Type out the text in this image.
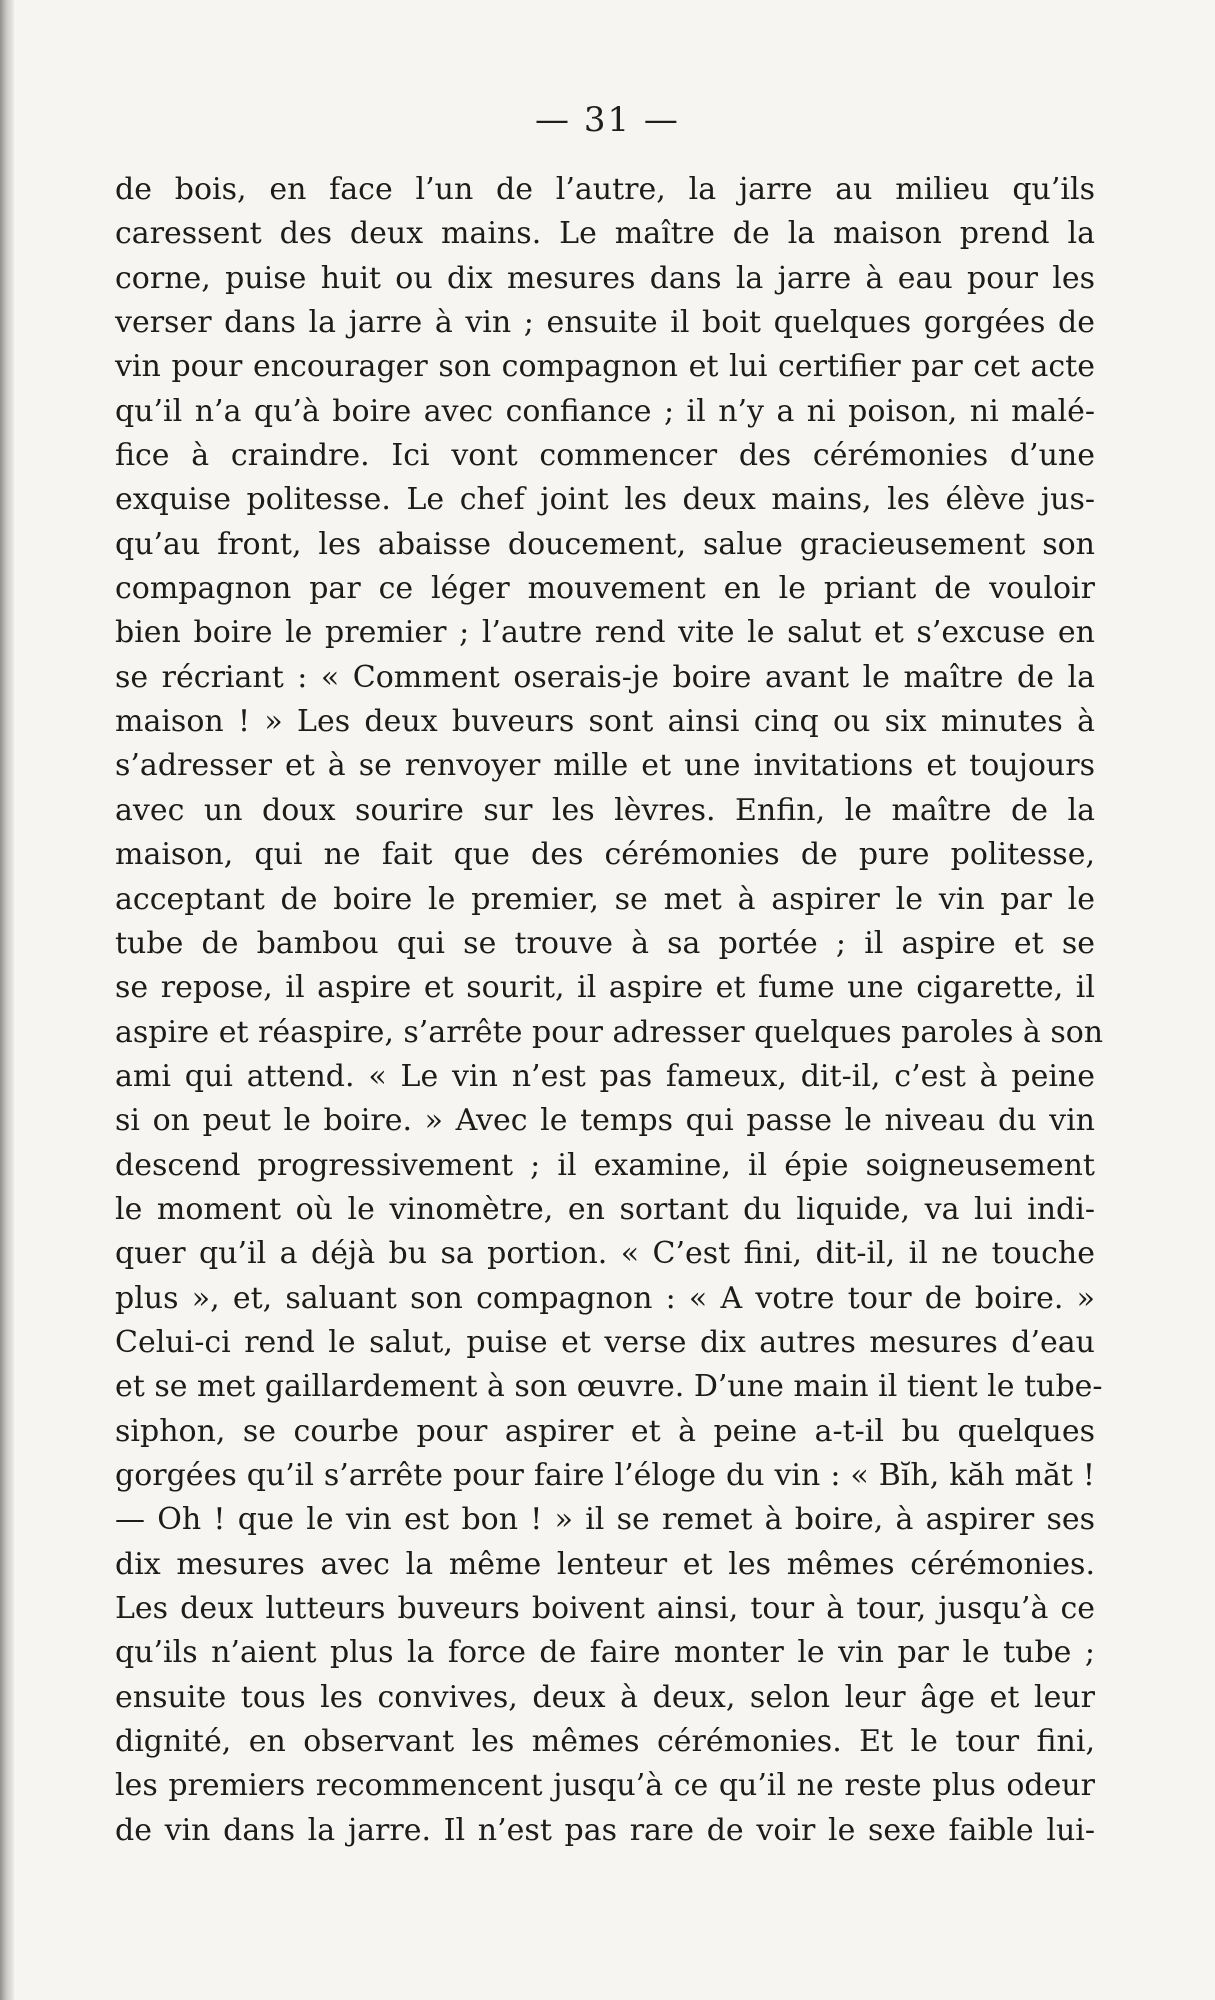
— 31 —
de bois, en face l’un de l’autre, la jarre au milieu qu’ils
caressent des deux mains. Le maître de la maison prend la
corne, puise huit ou dix mesures dans la jarre à eau pour les
verser dans la jarre à vin ; ensuite il boit quelques gorgées de
vin pour encourager son compagnon et lui certifier par cet acte
qu’il n’a qu’à boire avec confiance ; il n’y a ni poison, ni malé-
fice à craindre. Ici vont commencer des cérémonies d’une
exquise politesse. Le chef joint les deux mains, les élève jus-
qu’au front, les abaisse doucement, salue gracieusement son
compagnon par ce léger mouvement en le priant de vouloir
bien boire le premier ; l’autre rend vite le salut et s’excuse en
se récriant : « Comment oserais-je boire avant le maître de la
maison ! » Les deux buveurs sont ainsi cinq ou six minutes à
s’adresser et à se renvoyer mille et une invitations et toujours
avec un doux sourire sur les lèvres. Enfin, le maître de la
maison, qui ne fait que des cérémonies de pure politesse,
acceptant de boire le premier, se met à aspirer le vin par le
tube de bambou qui se trouve à sa portée ; il aspire et se
se repose, il aspire et sourit, il aspire et fume une cigarette, il
aspire et réaspire, s’arrête pour adresser quelques paroles à son
ami qui attend. « Le vin n’est pas fameux, dit-il, c’est à peine
si on peut le boire. » Avec le temps qui passe le niveau du vin
descend progressivement ; il examine, il épie soigneusement
le moment où le vinomètre, en sortant du liquide, va lui indi-
quer qu’il a déjà bu sa portion. « C’est fini, dit-il, il ne touche
plus », et, saluant son compagnon : « A votre tour de boire. »
Celui-ci rend le salut, puise et verse dix autres mesures d’eau
et se met gaillardement à son œuvre. D’une main il tient le tube-
siphon, se courbe pour aspirer et à peine a-t-il bu quelques
gorgées qu’il s’arrête pour faire l’éloge du vin : « Bĭh, kăh măt !
— Oh ! que le vin est bon ! » il se remet à boire, à aspirer ses
dix mesures avec la même lenteur et les mêmes cérémonies.
Les deux lutteurs buveurs boivent ainsi, tour à tour, jusqu’à ce
qu’ils n’aient plus la force de faire monter le vin par le tube ;
ensuite tous les convives, deux à deux, selon leur âge et leur
dignité, en observant les mêmes cérémonies. Et le tour fini,
les premiers recommencent jusqu’à ce qu’il ne reste plus odeur
de vin dans la jarre. Il n’est pas rare de voir le sexe faible lui-
